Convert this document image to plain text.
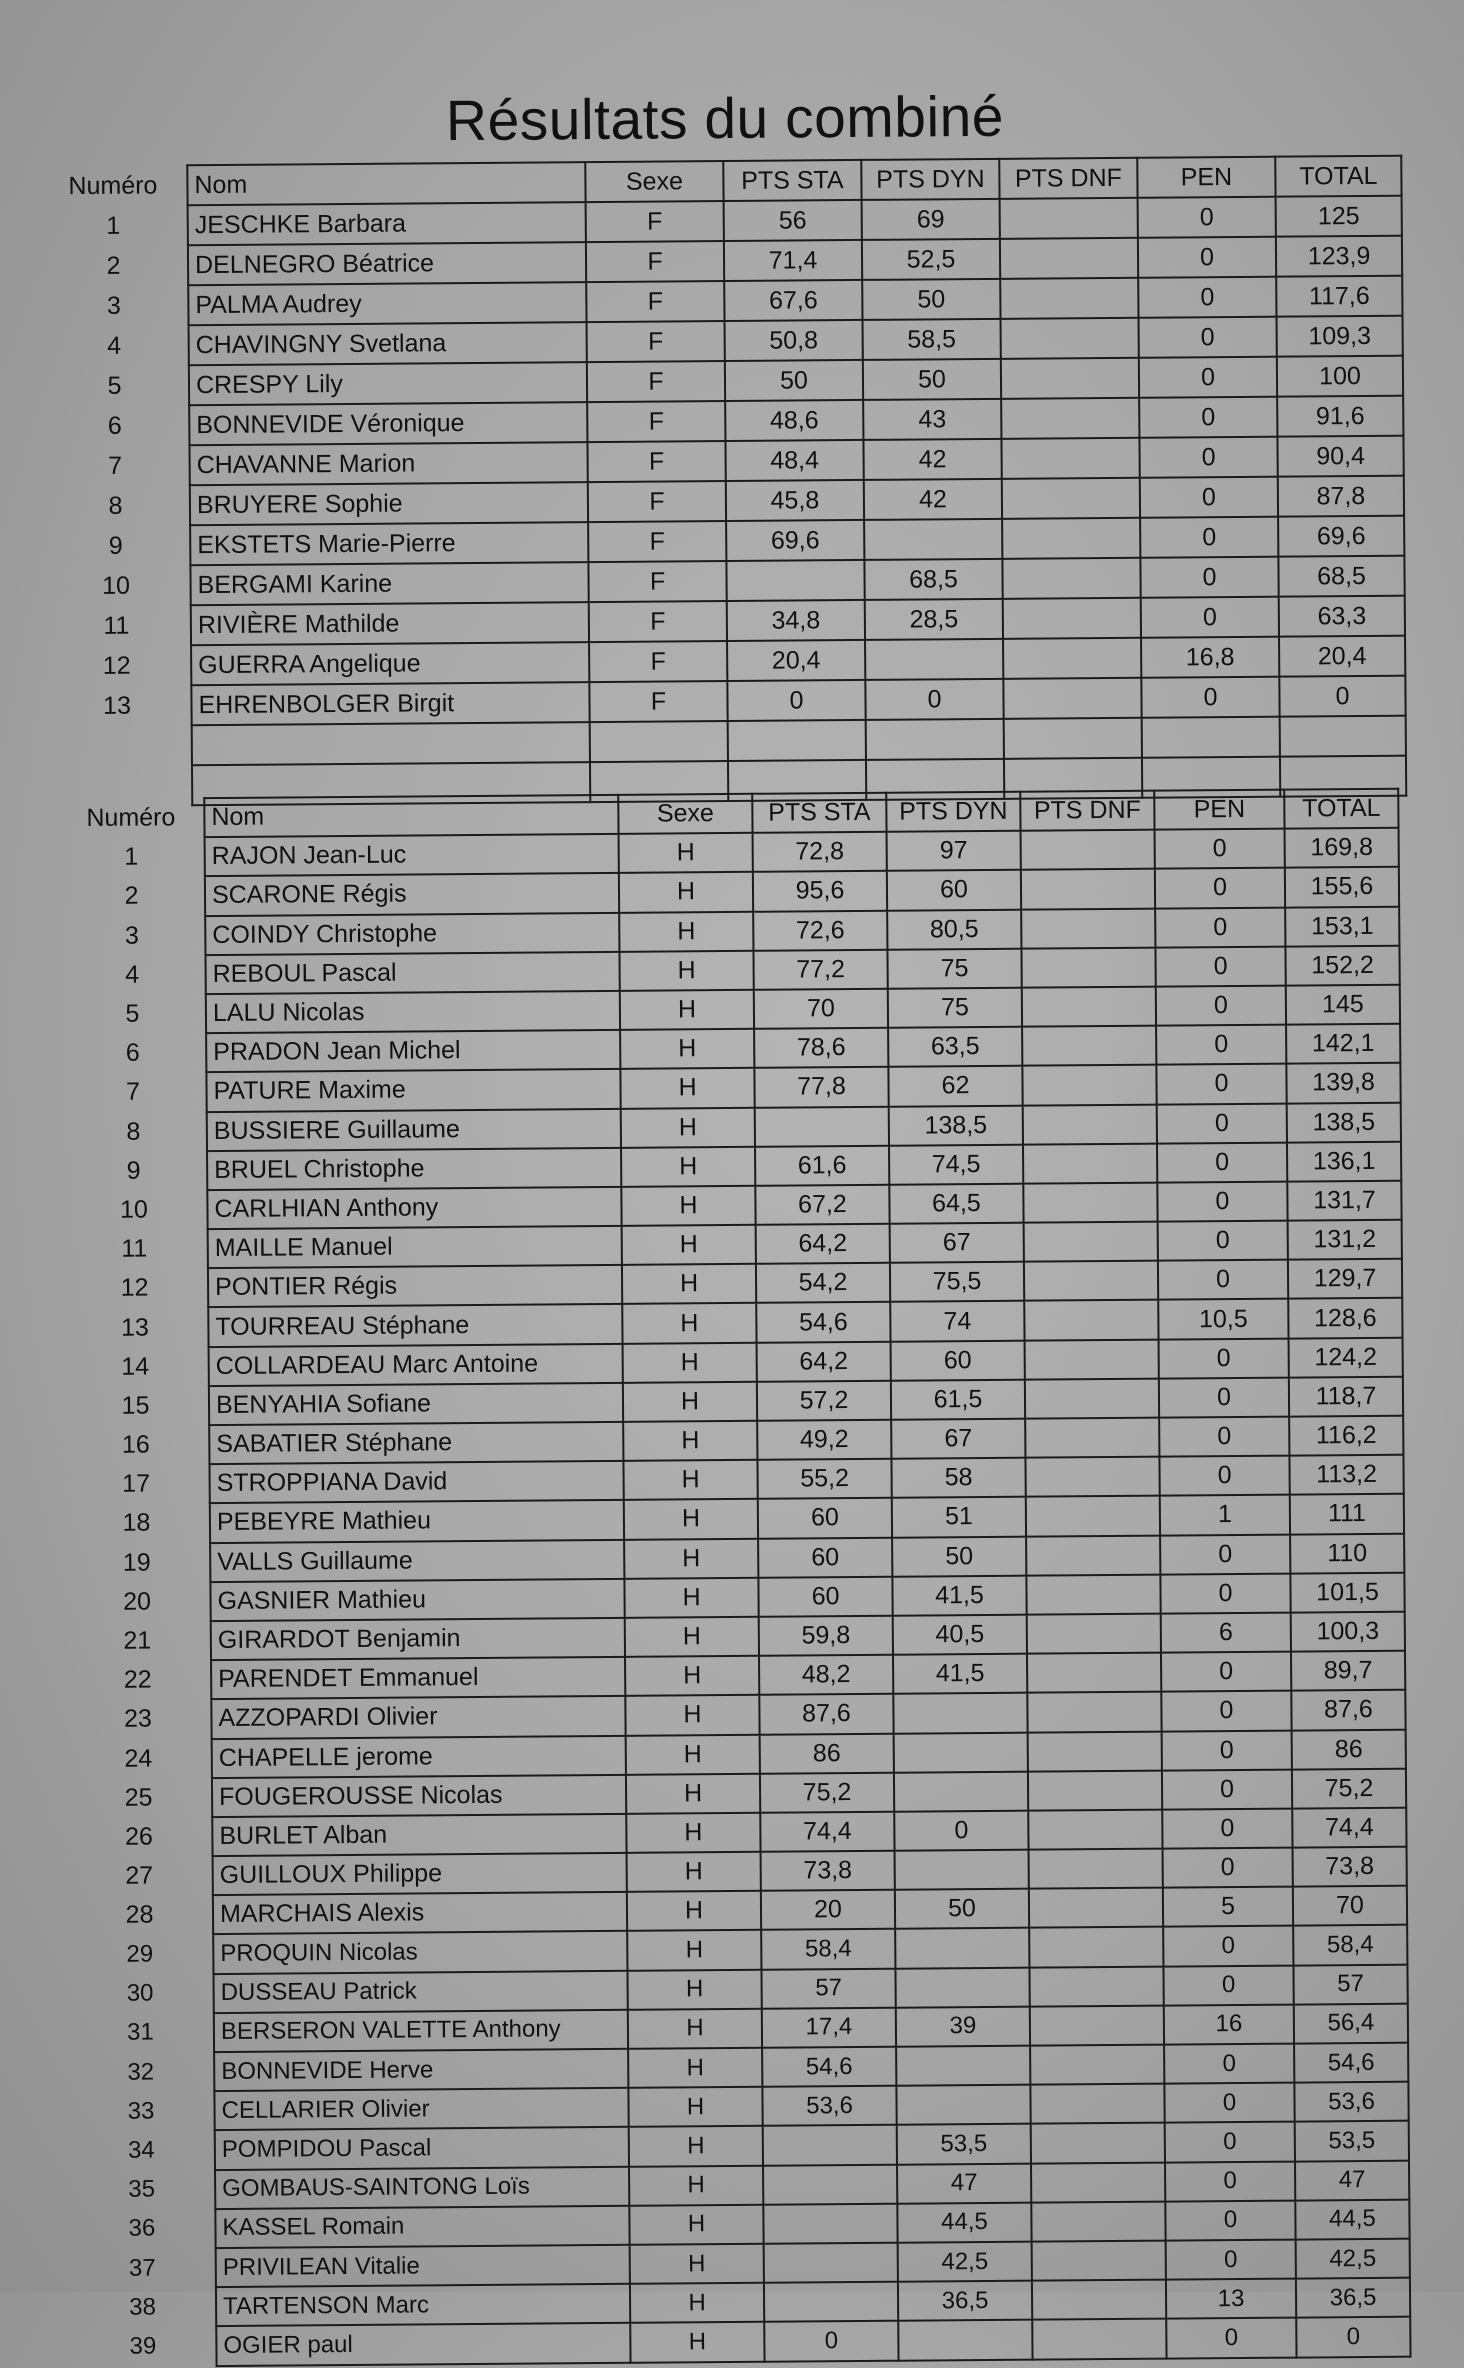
Résultats du combiné
Numéro	Nom	Sexe	PTS STA	PTS DYN	PTS DNF	PEN	TOTAL
1	JESCHKE Barbara	F	56	69		0	125
2	DELNEGRO Béatrice	F	71,4	52,5		0	123,9
3	PALMA Audrey	F	67,6	50		0	117,6
4	CHAVINGNY Svetlana	F	50,8	58,5		0	109,3
5	CRESPY Lily	F	50	50		0	100
6	BONNEVIDE Véronique	F	48,6	43		0	91,6
7	CHAVANNE Marion	F	48,4	42		0	90,4
8	BRUYERE Sophie	F	45,8	42		0	87,8
9	EKSTETS Marie-Pierre	F	69,6			0	69,6
10	BERGAMI Karine	F		68,5		0	68,5
11	RIVIÈRE Mathilde	F	34,8	28,5		0	63,3
12	GUERRA Angelique	F	20,4			16,8	20,4
13	EHRENBOLGER Birgit	F	0	0		0	0

Numéro	Nom	Sexe	PTS STA	PTS DYN	PTS DNF	PEN	TOTAL
1	RAJON Jean-Luc	H	72,8	97		0	169,8
2	SCARONE Régis	H	95,6	60		0	155,6
3	COINDY Christophe	H	72,6	80,5		0	153,1
4	REBOUL Pascal	H	77,2	75		0	152,2
5	LALU Nicolas	H	70	75		0	145
6	PRADON Jean Michel	H	78,6	63,5		0	142,1
7	PATURE Maxime	H	77,8	62		0	139,8
8	BUSSIERE Guillaume	H		138,5		0	138,5
9	BRUEL Christophe	H	61,6	74,5		0	136,1
10	CARLHIAN Anthony	H	67,2	64,5		0	131,7
11	MAILLE Manuel	H	64,2	67		0	131,2
12	PONTIER Régis	H	54,2	75,5		0	129,7
13	TOURREAU Stéphane	H	54,6	74		10,5	128,6
14	COLLARDEAU Marc Antoine	H	64,2	60		0	124,2
15	BENYAHIA Sofiane	H	57,2	61,5		0	118,7
16	SABATIER Stéphane	H	49,2	67		0	116,2
17	STROPPIANA David	H	55,2	58		0	113,2
18	PEBEYRE Mathieu	H	60	51		1	111
19	VALLS Guillaume	H	60	50		0	110
20	GASNIER Mathieu	H	60	41,5		0	101,5
21	GIRARDOT Benjamin	H	59,8	40,5		6	100,3
22	PARENDET Emmanuel	H	48,2	41,5		0	89,7
23	AZZOPARDI Olivier	H	87,6			0	87,6
24	CHAPELLE jerome	H	86			0	86
25	FOUGEROUSSE Nicolas	H	75,2			0	75,2
26	BURLET Alban	H	74,4	0		0	74,4
27	GUILLOUX Philippe	H	73,8			0	73,8
28	MARCHAIS Alexis	H	20	50		5	70
29	PROQUIN Nicolas	H	58,4			0	58,4
30	DUSSEAU Patrick	H	57			0	57
31	BERSERON VALETTE Anthony	H	17,4	39		16	56,4
32	BONNEVIDE Herve	H	54,6			0	54,6
33	CELLARIER Olivier	H	53,6			0	53,6
34	POMPIDOU Pascal	H		53,5		0	53,5
35	GOMBAUS-SAINTONG Loïs	H		47		0	47
36	KASSEL Romain	H		44,5		0	44,5
37	PRIVILEAN Vitalie	H		42,5		0	42,5
38	TARTENSON Marc	H		36,5		13	36,5
39	OGIER paul	H	0			0	0
